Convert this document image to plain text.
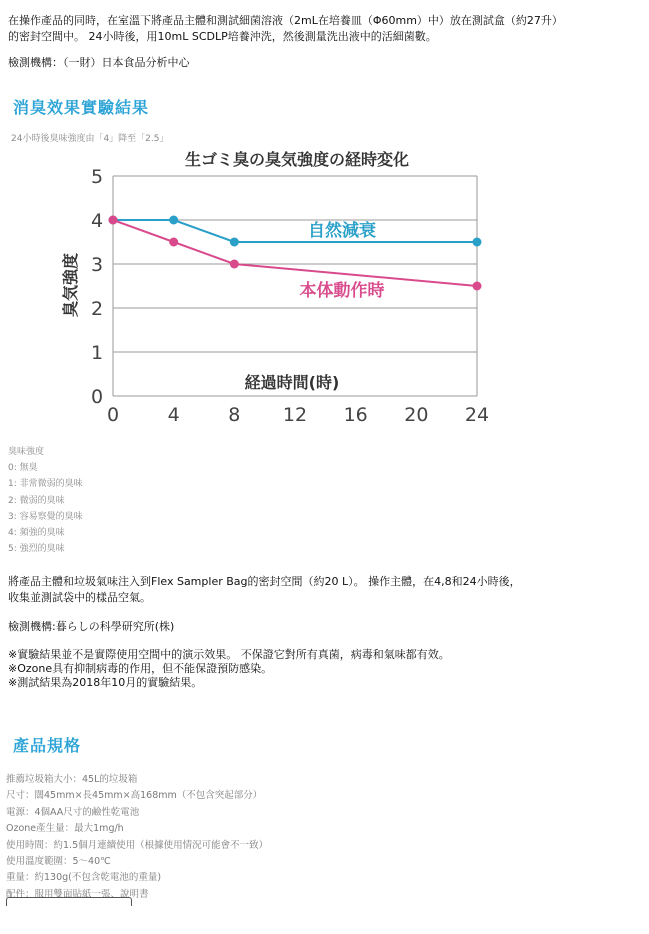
在操作產品的同時，在室溫下將產品主體和測試細菌溶液（2mL在培養皿（Φ60mm）中）放在測試盒（約27升）
的密封空間中。 24小時後，用10mL SCDLP培養沖洗，然後測量洗出液中的活細菌數。
檢測機構：（一財）日本食品分析中心
消臭效果實驗結果
24小時後臭味強度由「4」降至「2.5」
生ゴミ臭の臭気強度の経時変化
臭気強度
経過時間(時)
自然減衰
本体動作時
0
1
2
3
4
5
0	4	8 12 16 20 24
臭味強度
0: 無臭
1: 非常微弱的臭味
2: 微弱的臭味
3: 容易察覺的臭味
4: 頻強的臭味
5: 強烈的臭味
將產品主體和垃圾氣味注入到Flex Sampler Bag的密封空間（約20 L）。 操作主體，在4,8和24小時後，
收集並測試袋中的樣品空氣。
檢測機構:暮らしの科學研究所(株)
※實驗結果並不是實際使用空間中的演示效果。 不保證它對所有真菌，病毒和氣味都有效。
※Ozone具有抑制病毒的作用，但不能保證預防感染。
※測試結果為2018年10月的實驗結果。
產品規格
推薦垃圾箱大小：45L的垃圾箱
尺寸：闊45mm×長45mm×高168mm（不包含突起部分）
電源：4個AA尺寸的鹼性乾電池
Ozone產生量：最大1mg/h
使用時間：約1.5個月連續使用（根據使用情況可能會不一致）
使用溫度範圍：5～40℃
重量：約130g(不包含乾電池的重量)
配件：服用雙面貼紙一張、說明書
